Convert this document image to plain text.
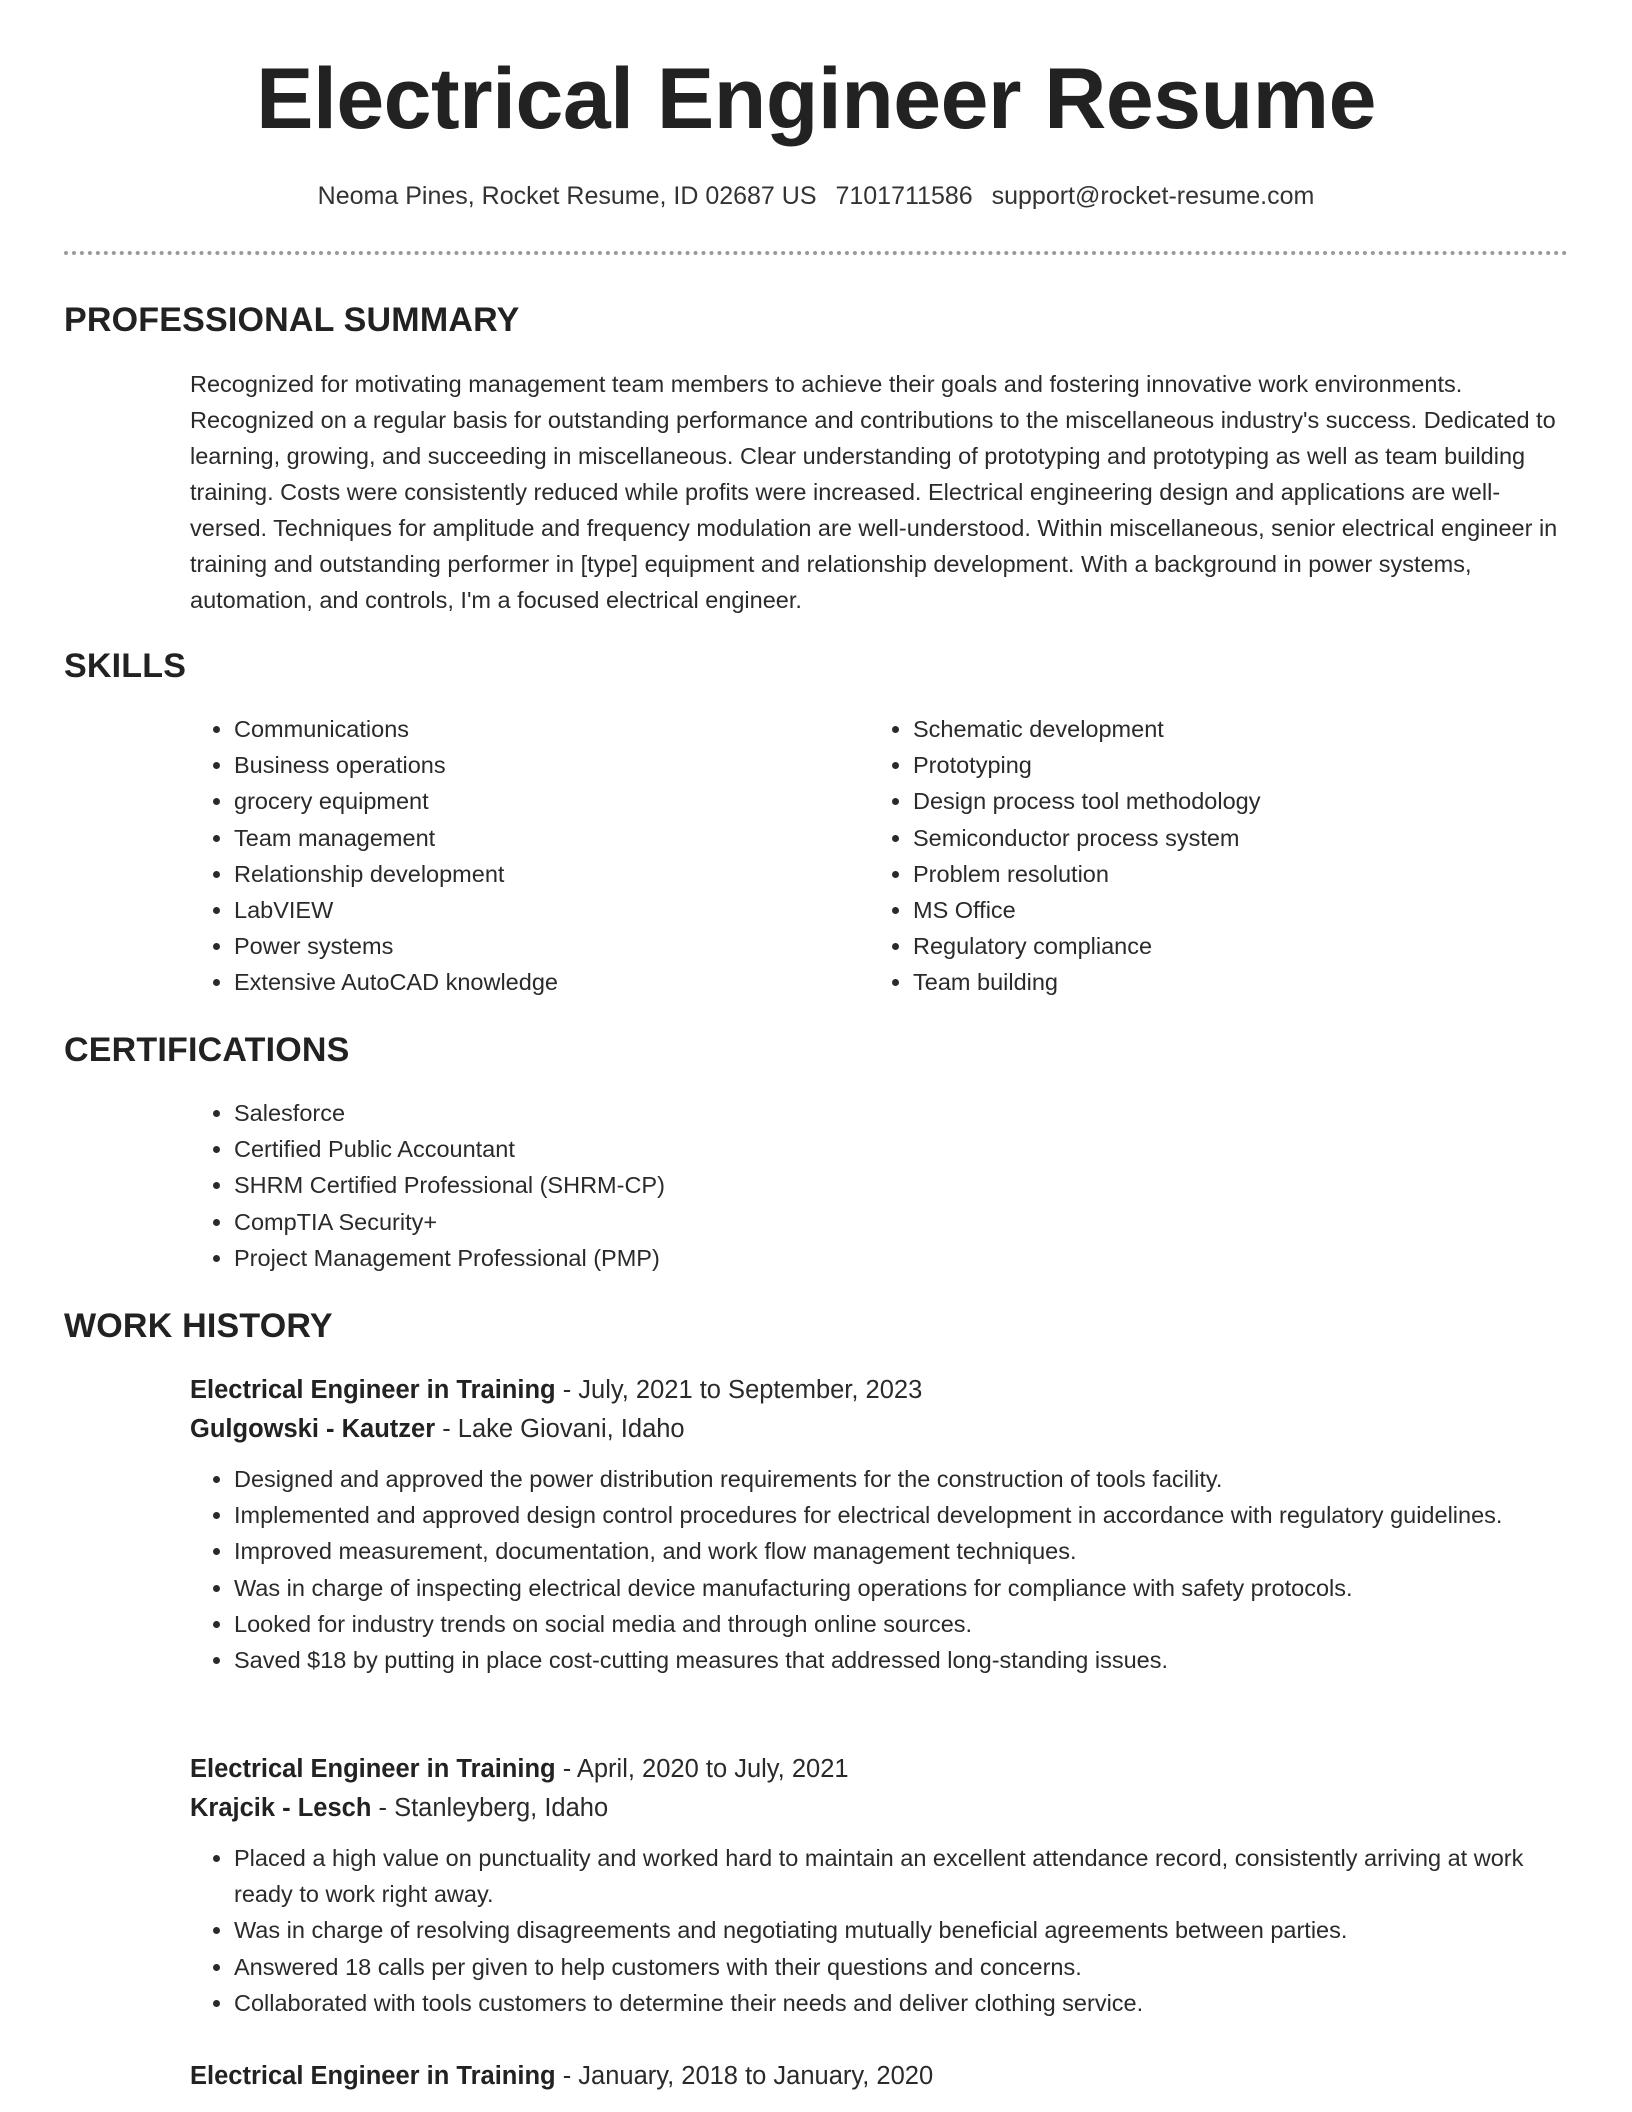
Electrical Engineer Resume
Neoma Pines, Rocket Resume, ID 02687 US 7101711586 support@rocket-resume.com
PROFESSIONAL SUMMARY

Recognized for motivating management team members to achieve their goals and fostering innovative work environments. Recognized on a regular basis for outstanding performance and contributions to the miscellaneous industry's success. Dedicated to learning, growing, and succeeding in miscellaneous. Clear understanding of prototyping and prototyping as well as team building training. Costs were consistently reduced while profits were increased. Electrical engineering design and applications are well-versed. Techniques for amplitude and frequency modulation are well-understood. Within miscellaneous, senior electrical engineer in training and outstanding performer in [type] equipment and relationship development. With a background in power systems, automation, and controls, I'm a focused electrical engineer.

SKILLS
• Communications
• Business operations
• grocery equipment
• Team management
• Relationship development
• LabVIEW
• Power systems
• Extensive AutoCAD knowledge
• Schematic development
• Prototyping
• Design process tool methodology
• Semiconductor process system
• Problem resolution
• MS Office
• Regulatory compliance
• Team building
CERTIFICATIONS
• Salesforce
• Certified Public Accountant
• SHRM Certified Professional (SHRM-CP)
• CompTIA Security+
• Project Management Professional (PMP)
WORK HISTORY
Electrical Engineer in Training - July, 2021 to September, 2023
Gulgowski - Kautzer - Lake Giovani, Idaho
• Designed and approved the power distribution requirements for the construction of tools facility.
• Implemented and approved design control procedures for electrical development in accordance with regulatory guidelines.
• Improved measurement, documentation, and work flow management techniques.
• Was in charge of inspecting electrical device manufacturing operations for compliance with safety protocols.
• Looked for industry trends on social media and through online sources.
• Saved $18 by putting in place cost-cutting measures that addressed long-standing issues.
Electrical Engineer in Training - April, 2020 to July, 2021
Krajcik - Lesch - Stanleyberg, Idaho
• Placed a high value on punctuality and worked hard to maintain an excellent attendance record, consistently arriving at work ready to work right away.
• Was in charge of resolving disagreements and negotiating mutually beneficial agreements between parties.
• Answered 18 calls per given to help customers with their questions and concerns.
• Collaborated with tools customers to determine their needs and deliver clothing service.
Electrical Engineer in Training - January, 2018 to January, 2020
